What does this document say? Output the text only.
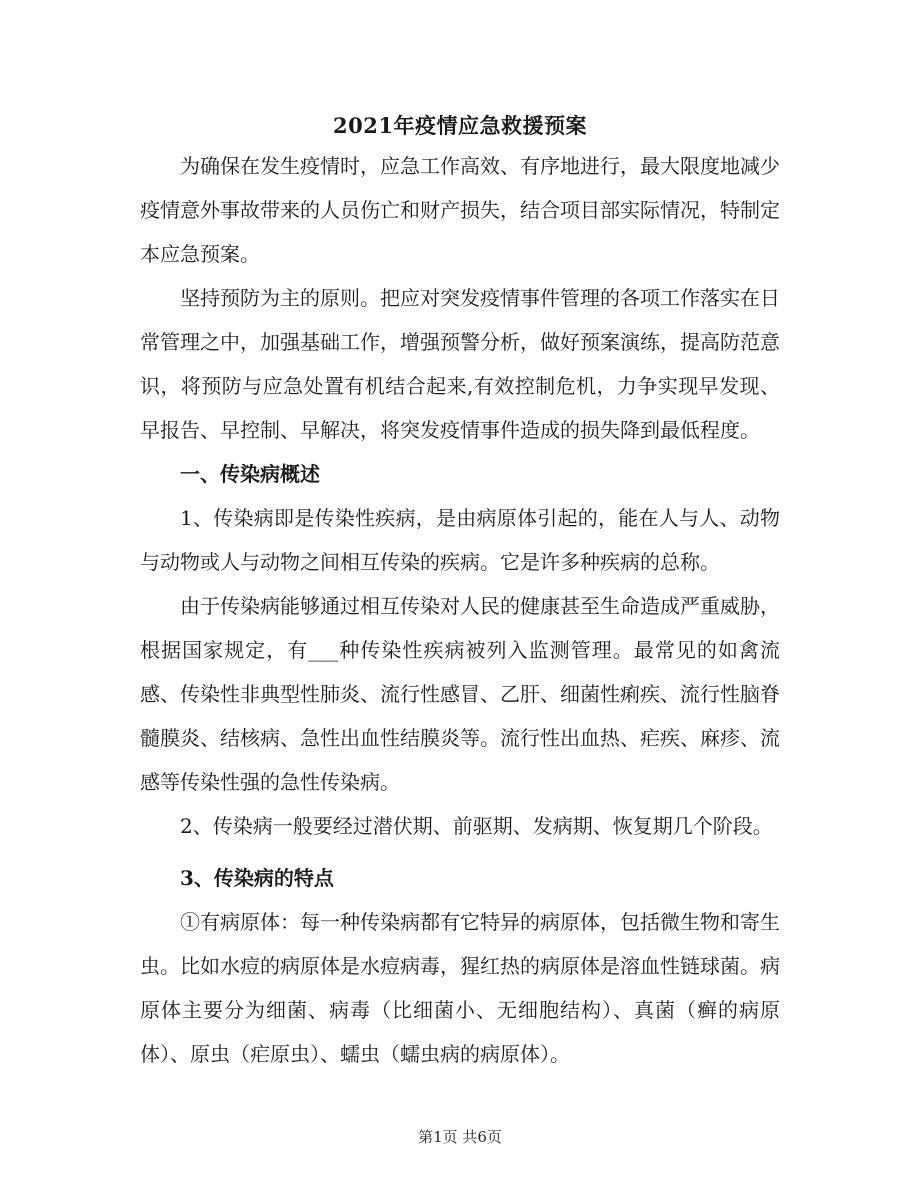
2021年疫情应急救援预案

为确保在发生疫情时，应急工作高效、有序地进行，最大限度地减少疫情意外事故带来的人员伤亡和财产损失，结合项目部实际情况，特制定本应急预案。

坚持预防为主的原则。把应对突发疫情事件管理的各项工作落实在日常管理之中，加强基础工作，增强预警分析，做好预案演练，提高防范意识，将预防与应急处置有机结合起来,有效控制危机，力争实现早发现、早报告、早控制、早解决，将突发疫情事件造成的损失降到最低程度。

一、传染病概述

1、传染病即是传染性疾病，是由病原体引起的，能在人与人、动物与动物或人与动物之间相互传染的疾病。它是许多种疾病的总称。

由于传染病能够通过相互传染对人民的健康甚至生命造成严重威胁，根据国家规定，有___种传染性疾病被列入监测管理。最常见的如禽流感、传染性非典型性肺炎、流行性感冒、乙肝、细菌性痢疾、流行性脑脊髓膜炎、结核病、急性出血性结膜炎等。流行性出血热、疟疾、麻疹、流感等传染性强的急性传染病。

2、传染病一般要经过潜伏期、前驱期、发病期、恢复期几个阶段。

3、传染病的特点

①有病原体：每一种传染病都有它特异的病原体，包括微生物和寄生虫。比如水痘的病原体是水痘病毒，猩红热的病原体是溶血性链球菌。病原体主要分为细菌、病毒（比细菌小、无细胞结构）、真菌（癣的病原体）、原虫（疟原虫）、蠕虫（蠕虫病的病原体）。

第1页 共6页
